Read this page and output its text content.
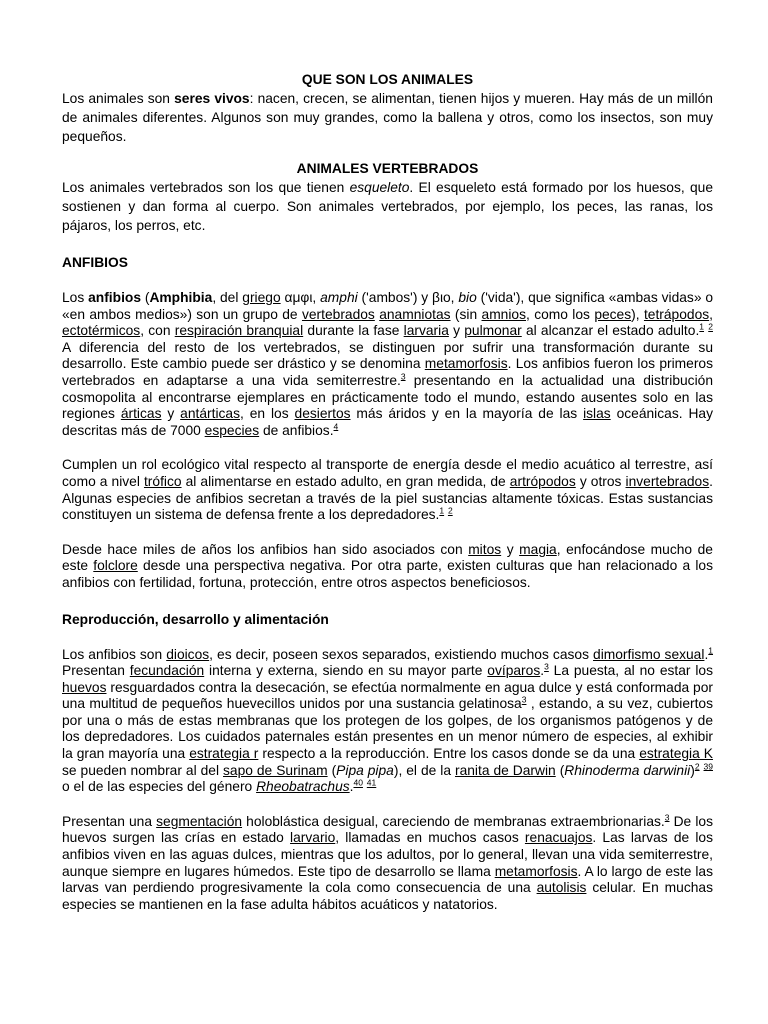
QUE SON LOS ANIMALES

Los animales son seres vivos: nacen, crecen, se alimentan, tienen hijos y mueren. Hay más de un millón de animales diferentes. Algunos son muy grandes, como la ballena y otros, como los insectos, son muy pequeños.

ANIMALES VERTEBRADOS

Los animales vertebrados son los que tienen esqueleto. El esqueleto está formado por los huesos, que sostienen y dan forma al cuerpo. Son animales vertebrados, por ejemplo, los peces, las ranas, los pájaros, los perros, etc.

ANFIBIOS

Los anfibios (Amphibia, del griego αμφι, amphi ('ambos') y βιο, bio ('vida'), que significa «ambas vidas» o «en ambos medios») son un grupo de vertebrados anamniotas (sin amnios, como los peces), tetrápodos, ectotérmicos, con respiración branquial durante la fase larvaria y pulmonar al alcanzar el estado adulto.$^1$ $^2$ A diferencia del resto de los vertebrados, se distinguen por sufrir una transformación durante su desarrollo. Este cambio puede ser drástico y se denomina metamorfosis. Los anfibios fueron los primeros vertebrados en adaptarse a una vida semiterrestre.$^3$ presentando en la actualidad una distribución cosmopolita al encontrarse ejemplares en prácticamente todo el mundo, estando ausentes solo en las regiones árticas y antárticas, en los desiertos más áridos y en la mayoría de las islas oceánicas. Hay descritas más de 7000 especies de anfibios.$^4$

Cumplen un rol ecológico vital respecto al transporte de energía desde el medio acuático al terrestre, así como a nivel trófico al alimentarse en estado adulto, en gran medida, de artrópodos y otros invertebrados. Algunas especies de anfibios secretan a través de la piel sustancias altamente tóxicas. Estas sustancias constituyen un sistema de defensa frente a los depredadores.$^1$ $^2$

Desde hace miles de años los anfibios han sido asociados con mitos y magia, enfocándose mucho de este folclore desde una perspectiva negativa. Por otra parte, existen culturas que han relacionado a los anfibios con fertilidad, fortuna, protección, entre otros aspectos beneficiosos.

Reproducción, desarrollo y alimentación

Los anfibios son dioicos, es decir, poseen sexos separados, existiendo muchos casos dimorfismo sexual.$^1$ Presentan fecundación interna y externa, siendo en su mayor parte ovíparos.$^3$ La puesta, al no estar los huevos resguardados contra la desecación, se efectúa normalmente en agua dulce y está conformada por una multitud de pequeños huevecillos unidos por una sustancia gelatinosa$^3$ , estando, a su vez, cubiertos por una o más de estas membranas que los protegen de los golpes, de los organismos patógenos y de los depredadores. Los cuidados paternales están presentes en un menor número de especies, al exhibir la gran mayoría una estrategia r respecto a la reproducción. Entre los casos donde se da una estrategia K se pueden nombrar al del sapo de Surinam (Pipa pipa), el de la ranita de Darwin (Rhinoderma darwinii)$^2$ $^{39}$ o el de las especies del género Rheobatrachus.$^{40}$ $^{41}$

Presentan una segmentación holoblástica desigual, careciendo de membranas extraembrionarias.$^3$ De los huevos surgen las crías en estado larvario, llamadas en muchos casos renacuajos. Las larvas de los anfibios viven en las aguas dulces, mientras que los adultos, por lo general, llevan una vida semiterrestre, aunque siempre en lugares húmedos. Este tipo de desarrollo se llama metamorfosis. A lo largo de este las larvas van perdiendo progresivamente la cola como consecuencia de una autolisis celular. En muchas especies se mantienen en la fase adulta hábitos acuáticos y natatorios.
